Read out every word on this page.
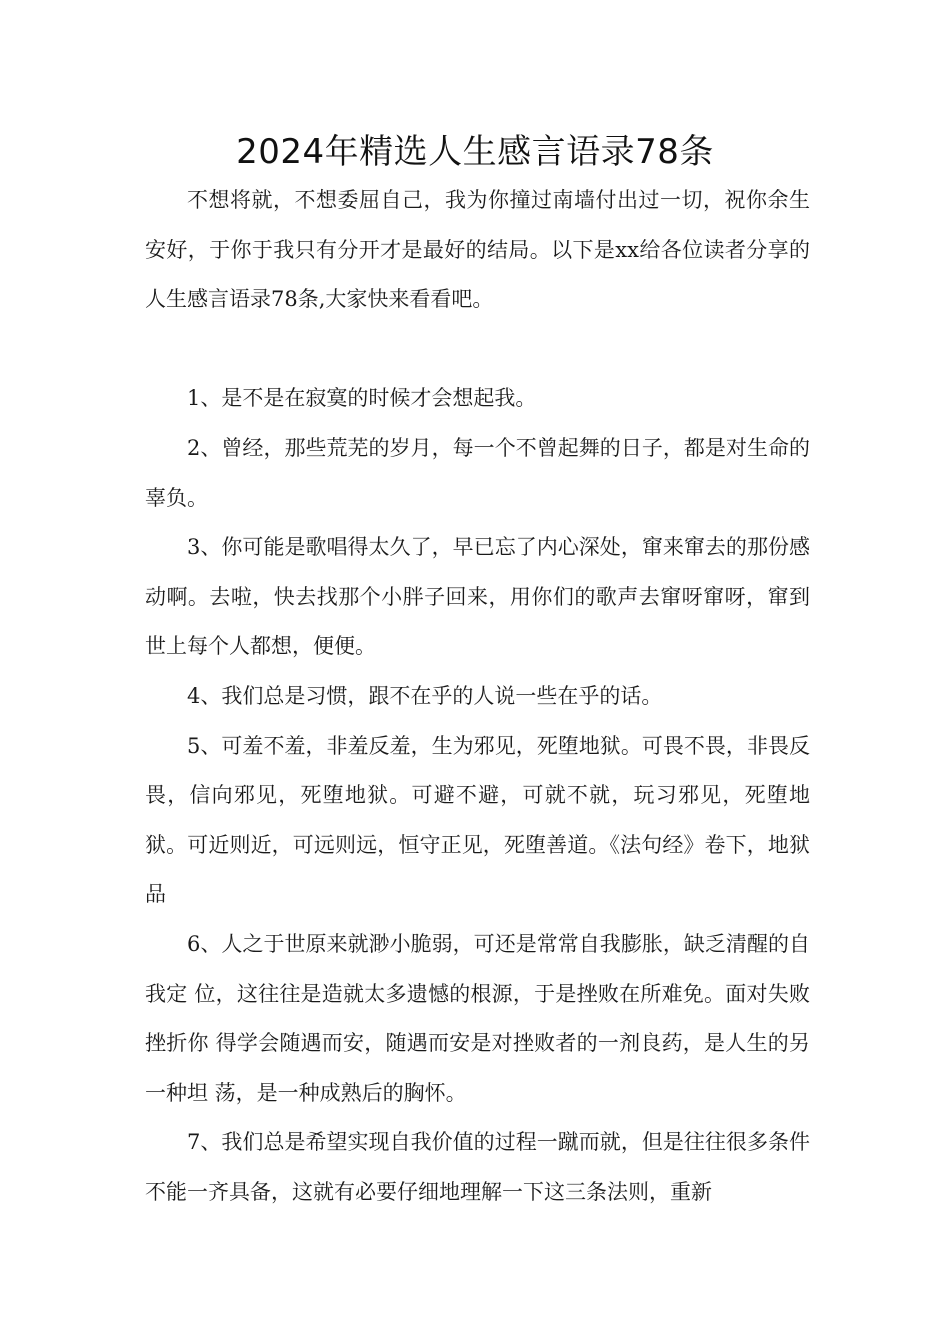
2024年精选人生感言语录78条

不想将就，不想委屈自己，我为你撞过南墙付出过一切，祝你余生安好，于你于我只有分开才是最好的结局。以下是xx给各位读者分享的人生感言语录78条,大家快来看看吧。

1、是不是在寂寞的时候才会想起我。

2、曾经，那些荒芜的岁月，每一个不曾起舞的日子，都是对生命的辜负。

3、你可能是歌唱得太久了，早已忘了内心深处，窜来窜去的那份感动啊。去啦，快去找那个小胖子回来，用你们的歌声去窜呀窜呀，窜到世上每个人都想，便便。

4、我们总是习惯，跟不在乎的人说一些在乎的话。

5、可羞不羞，非羞反羞，生为邪见，死堕地狱。可畏不畏，非畏反畏，信向邪见，死堕地狱。可避不避，可就不就，玩习邪见，死堕地狱。可近则近，可远则远，恒守正见，死堕善道。《法句经》卷下，地狱品

6、人之于世原来就渺小脆弱，可还是常常自我膨胀，缺乏清醒的自我定 位，这往往是造就太多遗憾的根源，于是挫败在所难免。面对失败挫折你 得学会随遇而安，随遇而安是对挫败者的一剂良药，是人生的另一种坦 荡，是一种成熟后的胸怀。

7、我们总是希望实现自我价值的过程一蹴而就，但是往往很多条件不能一齐具备，这就有必要仔细地理解一下这三条法则，重新
